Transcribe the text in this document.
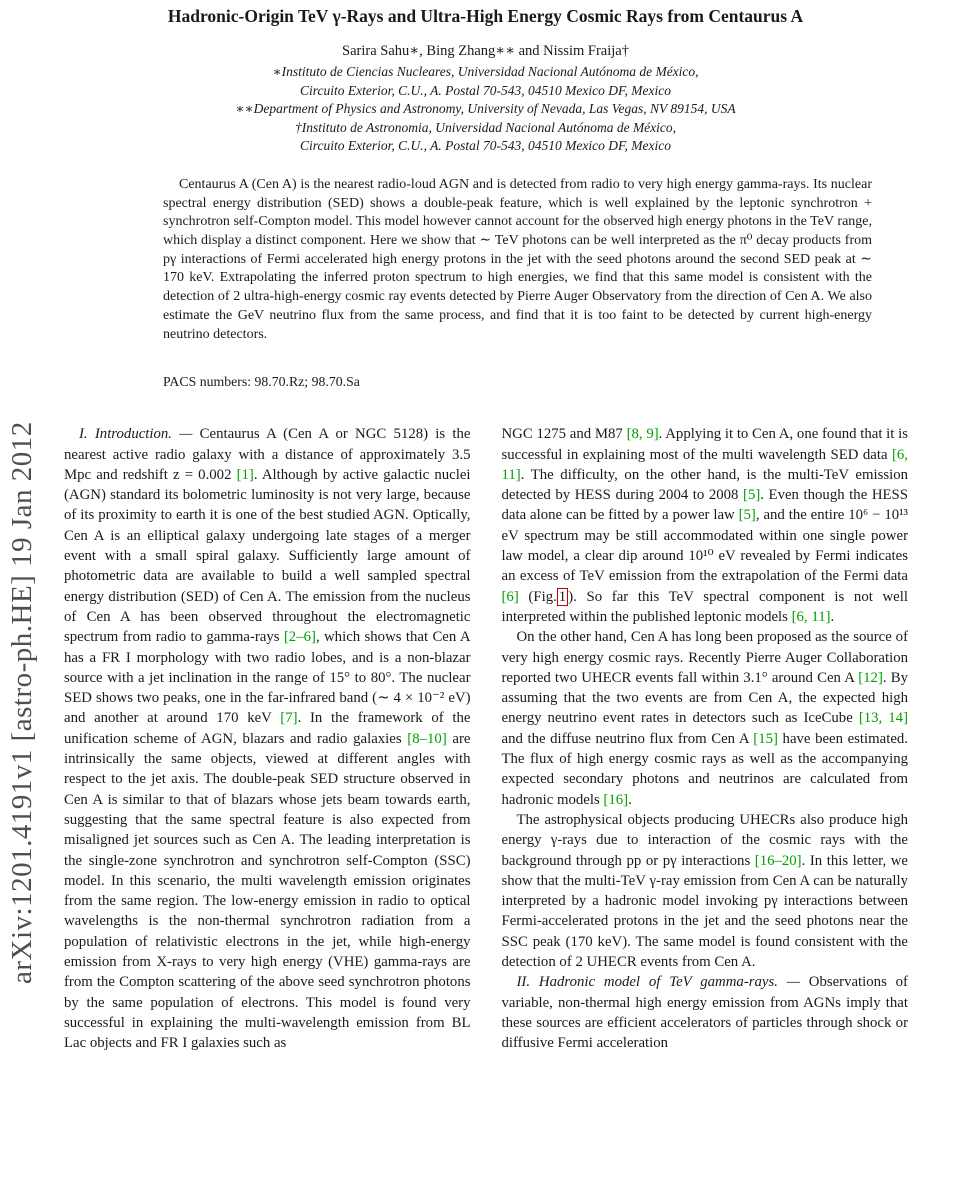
arXiv:1201.4191v1 [astro-ph.HE] 19 Jan 2012
Hadronic-Origin TeV γ-Rays and Ultra-High Energy Cosmic Rays from Centaurus A
Sarira Sahu∗, Bing Zhang∗∗ and Nissim Fraija†
∗Instituto de Ciencias Nucleares, Universidad Nacional Autónoma de México,
Circuito Exterior, C.U., A. Postal 70-543, 04510 Mexico DF, Mexico
∗∗Department of Physics and Astronomy, University of Nevada, Las Vegas, NV 89154, USA
†Instituto de Astronomia, Universidad Nacional Autónoma de México,
Circuito Exterior, C.U., A. Postal 70-543, 04510 Mexico DF, Mexico

Centaurus A (Cen A) is the nearest radio-loud AGN and is detected from radio to very high energy gamma-rays. Its nuclear spectral energy distribution (SED) shows a double-peak feature, which is well explained by the leptonic synchrotron + synchrotron self-Compton model. This model however cannot account for the observed high energy photons in the TeV range, which display a distinct component. Here we show that ∼ TeV photons can be well interpreted as the π⁰ decay products from pγ interactions of Fermi accelerated high energy protons in the jet with the seed photons around the second SED peak at ∼ 170 keV. Extrapolating the inferred proton spectrum to high energies, we find that this same model is consistent with the detection of 2 ultra-high-energy cosmic ray events detected by Pierre Auger Observatory from the direction of Cen A. We also estimate the GeV neutrino flux from the same process, and find that it is too faint to be detected by current high-energy neutrino detectors.

PACS numbers: 98.70.Rz; 98.70.Sa

I. Introduction. — Centaurus A (Cen A or NGC 5128) is the nearest active radio galaxy with a distance of approximately 3.5 Mpc and redshift z = 0.002 [1]. Although by active galactic nuclei (AGN) standard its bolometric luminosity is not very large, because of its proximity to earth it is one of the best studied AGN. Optically, Cen A is an elliptical galaxy undergoing late stages of a merger event with a small spiral galaxy. Sufficiently large amount of photometric data are available to build a well sampled spectral energy distribution (SED) of Cen A. The emission from the nucleus of Cen A has been observed throughout the electromagnetic spectrum from radio to gamma-rays [2–6], which shows that Cen A has a FR I morphology with two radio lobes, and is a non-blazar source with a jet inclination in the range of 15° to 80°. The nuclear SED shows two peaks, one in the far-infrared band (∼ 4 × 10⁻² eV) and another at around 170 keV [7]. In the framework of the unification scheme of AGN, blazars and radio galaxies [8–10] are intrinsically the same objects, viewed at different angles with respect to the jet axis. The double-peak SED structure observed in Cen A is similar to that of blazars whose jets beam towards earth, suggesting that the same spectral feature is also expected from misaligned jet sources such as Cen A. The leading interpretation is the single-zone synchrotron and synchrotron self-Compton (SSC) model. In this scenario, the multi wavelength emission originates from the same region. The low-energy emission in radio to optical wavelengths is the non-thermal synchrotron radiation from a population of relativistic electrons in the jet, while high-energy emission from X-rays to very high energy (VHE) gamma-rays are from the Compton scattering of the above seed synchrotron photons by the same population of electrons. This model is found very successful in explaining the multi-wavelength emission from BL Lac objects and FR I galaxies such as

NGC 1275 and M87 [8, 9]. Applying it to Cen A, one found that it is successful in explaining most of the multi wavelength SED data [6, 11]. The difficulty, on the other hand, is the multi-TeV emission detected by HESS during 2004 to 2008 [5]. Even though the HESS data alone can be fitted by a power law [5], and the entire 10⁶ − 10¹³ eV spectrum may be still accommodated within one single power law model, a clear dip around 10¹⁰ eV revealed by Fermi indicates an excess of TeV emission from the extrapolation of the Fermi data [6] (Fig. 1 ). So far this TeV spectral component is not well interpreted within the published leptonic models [6, 11].

On the other hand, Cen A has long been proposed as the source of very high energy cosmic rays. Recently Pierre Auger Collaboration reported two UHECR events fall within 3.1° around Cen A [12]. By assuming that the two events are from Cen A, the expected high energy neutrino event rates in detectors such as IceCube [13, 14] and the diffuse neutrino flux from Cen A [15] have been estimated. The flux of high energy cosmic rays as well as the accompanying expected secondary photons and neutrinos are calculated from hadronic models [16].

The astrophysical objects producing UHECRs also produce high energy γ-rays due to interaction of the cosmic rays with the background through pp or pγ interactions [16–20]. In this letter, we show that the multi-TeV γ-ray emission from Cen A can be naturally interpreted by a hadronic model invoking pγ interactions between Fermi-accelerated protons in the jet and the seed photons near the SSC peak (170 keV). The same model is found consistent with the detection of 2 UHECR events from Cen A.

II. Hadronic model of TeV gamma-rays. — Observations of variable, non-thermal high energy emission from AGNs imply that these sources are efficient accelerators of particles through shock or diffusive Fermi acceleration
